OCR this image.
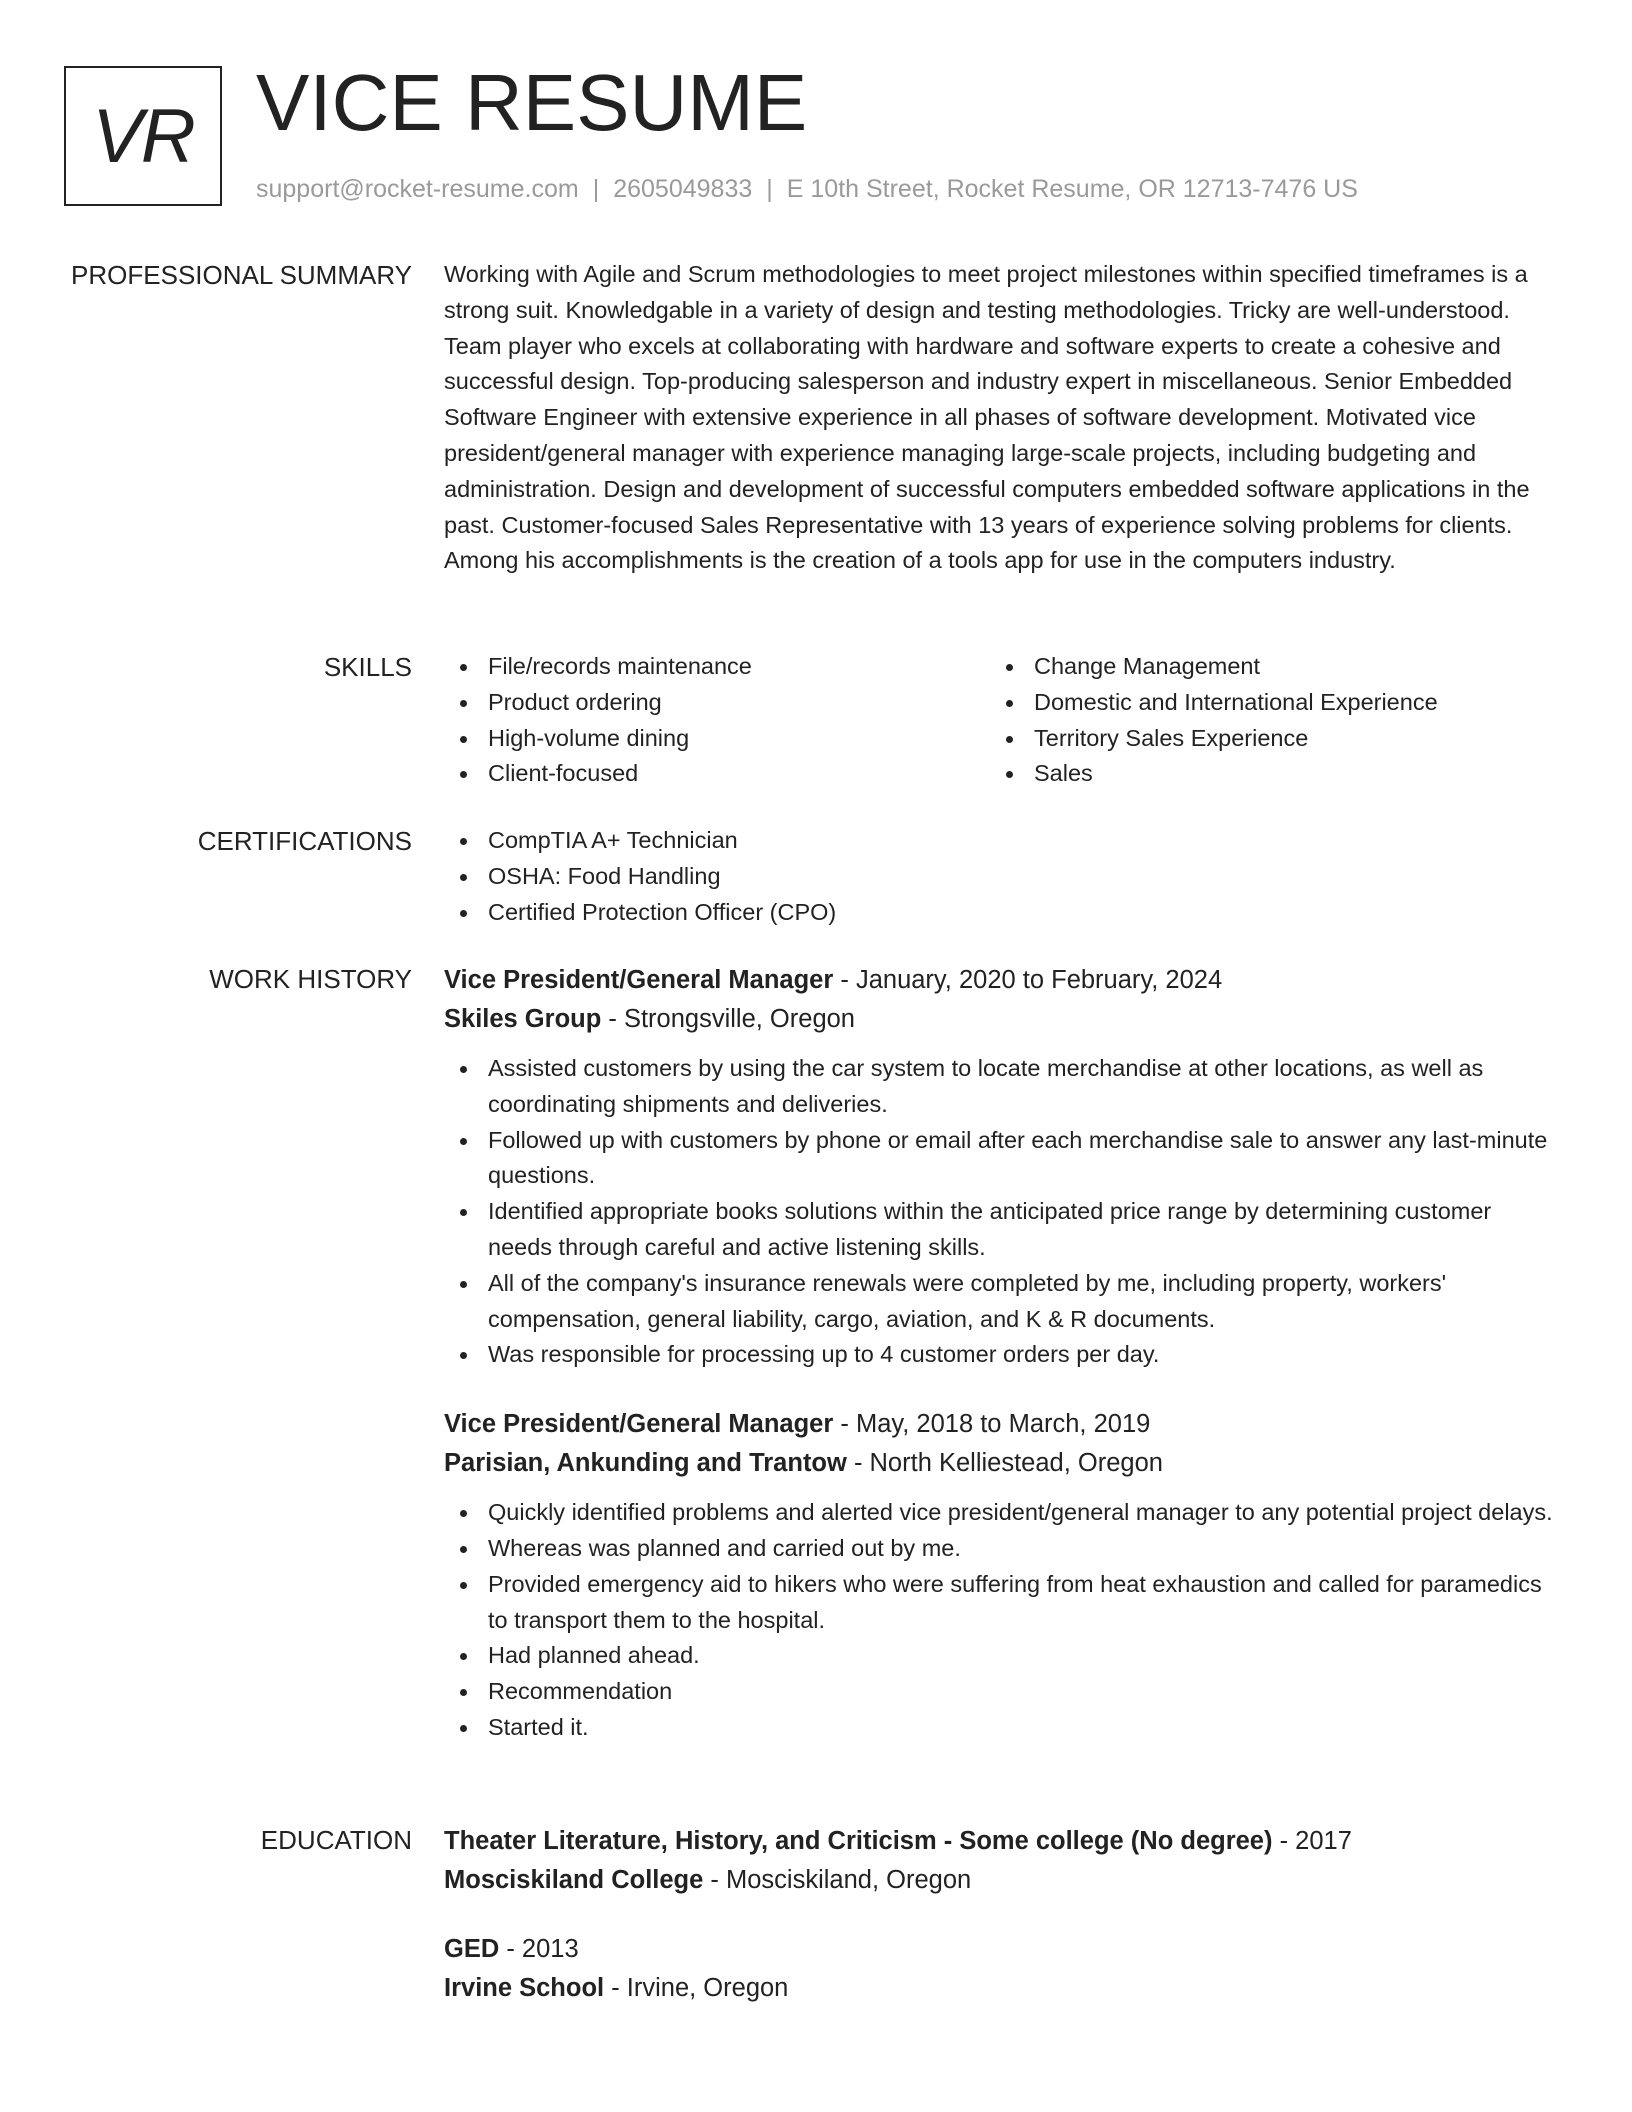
VR VICE RESUME
support@rocket-resume.com | 2605049833 | E 10th Street, Rocket Resume, OR 12713-7476 US
PROFESSIONAL SUMMARY Working with Agile and Scrum methodologies to meet project milestones within specified timeframes is a strong suit. Knowledgable in a variety of design and testing methodologies. Tricky are well-understood. Team player who excels at collaborating with hardware and software experts to create a cohesive and successful design. Top-producing salesperson and industry expert in miscellaneous. Senior Embedded Software Engineer with extensive experience in all phases of software development. Motivated vice president/general manager with experience managing large-scale projects, including budgeting and administration. Design and development of successful computers embedded software applications in the past. Customer-focused Sales Representative with 13 years of experience solving problems for clients. Among his accomplishments is the creation of a tools app for use in the computers industry.

SKILLS	File/records maintenance
Product ordering
High-volume dining
Client-focused
Change Management
Domestic and International Experience
Territory Sales Experience
Sales
CERTIFICATIONS	CompTIA A+ Technician
OSHA: Food Handling
Certified Protection Officer (CPO)
WORK HISTORY Vice President/General Manager - January, 2020 to February, 2024
Skiles Group - Strongsville, Oregon
Assisted customers by using the car system to locate merchandise at other locations, as well as coordinating shipments and deliveries.
Followed up with customers by phone or email after each merchandise sale to answer any last-minute questions.
Identified appropriate books solutions within the anticipated price range by determining customer needs through careful and active listening skills.
All of the company's insurance renewals were completed by me, including property, workers' compensation, general liability, cargo, aviation, and K & R documents.
Was responsible for processing up to 4 customer orders per day.
Vice President/General Manager - May, 2018 to March, 2019
Parisian, Ankunding and Trantow - North Kelliestead, Oregon
Quickly identified problems and alerted vice president/general manager to any potential project delays.
Whereas was planned and carried out by me.
Provided emergency aid to hikers who were suffering from heat exhaustion and called for paramedics to transport them to the hospital.
Had planned ahead.
Recommendation
Started it.
EDUCATION Theater Literature, History, and Criticism - Some college (No degree) - 2017
Mosciskiland College - Mosciskiland, Oregon
GED - 2013
Irvine School - Irvine, Oregon
